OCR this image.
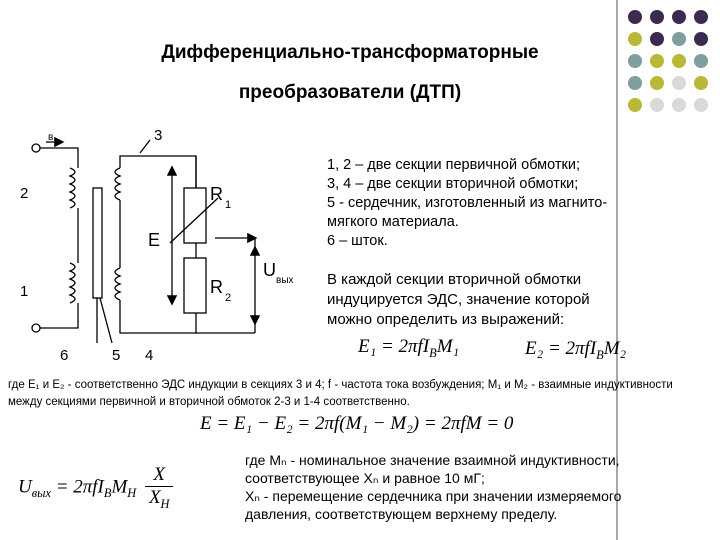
Дифференциально-трансформаторные
преобразователи (ДТП)
2
1
3
4
5
6
E
R
1
R
2
U
вых
в
1, 2 – две секции первичной обмотки;
3, 4 – две секции вторичной обмотки;
5 - сердечник, изготовленный из магнито-
мягкого материала.
6 – шток.
В каждой секции вторичной обмотки индуцируется ЭДС, значение которой можно определить из выражений:
E₁ = 2πfI$_B$M₁	E₂ = 2πfI$_B$M₂
где E₁ и E₂ - соответственно ЭДС индукции в секциях 3 и 4; f - частота тока возбуждения; M₁ и M₂ - взаимные индуктивности между секциями первичной и вторичной обмоток 2-3 и 1-4 соответственно.
E = E₁ − E₂ = 2πf(M₁ − M₂) = 2πfM = 0
$U_{вых} = 2\pi fI_BM_H \frac{X}{X_H}$
где Mₙ - номинальное значение взаимной индуктивности,
соответствующее Xₙ и равное 10 мГ;
Xₙ - перемещение сердечника при значении измеряемого
давления, соответствующем верхнему пределу.
